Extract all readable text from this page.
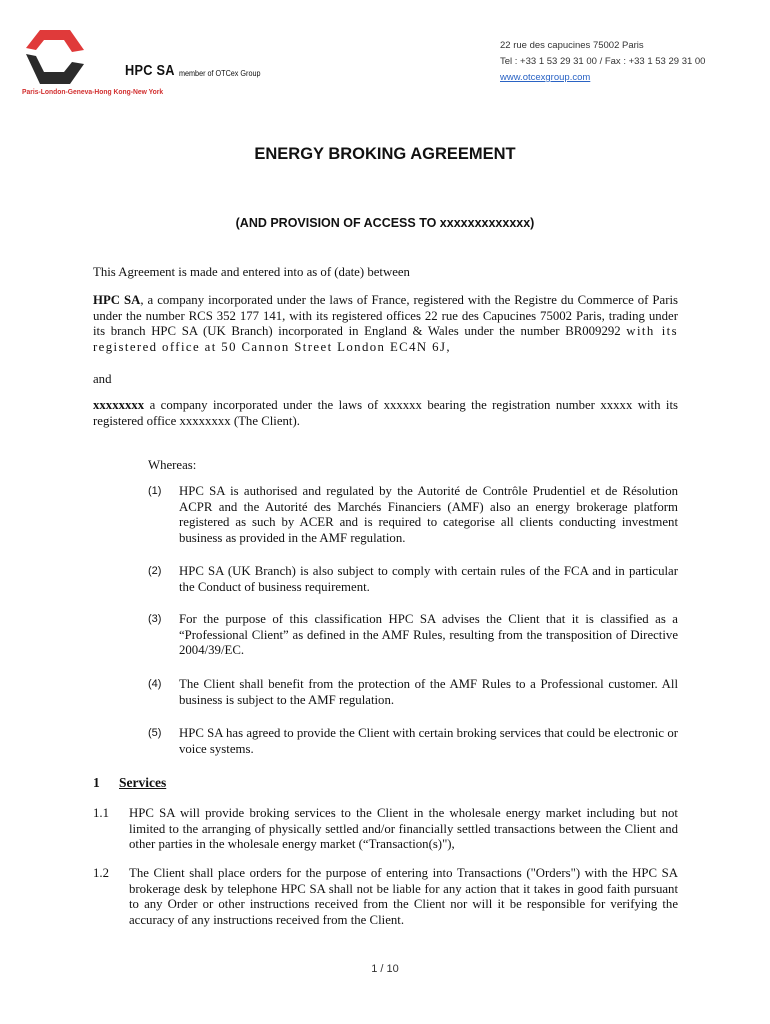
HPC SA member of OTCex Group
Paris-London-Geneva-Hong Kong-New York
22 rue des capucines 75002 Paris
Tel : +33 1 53 29 31 00 / Fax : +33 1 53 29 31 00
www.otcexgroup.com
ENERGY BROKING AGREEMENT
(AND PROVISION OF ACCESS TO xxxxxxxxxxxxx)
This Agreement is made and entered into as of (date) between
HPC SA, a company incorporated under the laws of France, registered with the Registre du Commerce of Paris under the number RCS 352 177 141, with its registered offices 22 rue des Capucines 75002 Paris, trading under its branch HPC SA (UK Branch) incorporated in England & Wales under the number BR009292 with its registered office at 50 Cannon Street London EC4N 6J,
and
xxxxxxxx a company incorporated under the laws of xxxxxx bearing the registration number xxxxx with its registered office xxxxxxxx (The Client).
Whereas:
(1)	HPC SA is authorised and regulated by the Autorité de Contrôle Prudentiel et de Résolution ACPR and the Autorité des Marchés Financiers (AMF) also an energy brokerage platform registered as such by ACER and is required to categorise all clients conducting investment business as provided in the AMF regulation.
(2)	HPC SA (UK Branch) is also subject to comply with certain rules of the FCA and in particular the Conduct of business requirement.
(3)	For the purpose of this classification HPC SA advises the Client that it is classified as a “Professional Client” as defined in the AMF Rules, resulting from the transposition of Directive 2004/39/EC.
(4)	The Client shall benefit from the protection of the AMF Rules to a Professional customer. All business is subject to the AMF regulation.
(5)	HPC SA has agreed to provide the Client with certain broking services that could be electronic or voice systems.
1 Services
1.1 HPC SA will provide broking services to the Client in the wholesale energy market including but not limited to the arranging of physically settled and/or financially settled transactions between the Client and other parties in the wholesale energy market (“Transaction(s)"),
1.2 The Client shall place orders for the purpose of entering into Transactions ("Orders") with the HPC SA brokerage desk by telephone HPC SA shall not be liable for any action that it takes in good faith pursuant to any Order or other instructions received from the Client nor will it be responsible for verifying the accuracy of any instructions received from the Client.
1 / 10
